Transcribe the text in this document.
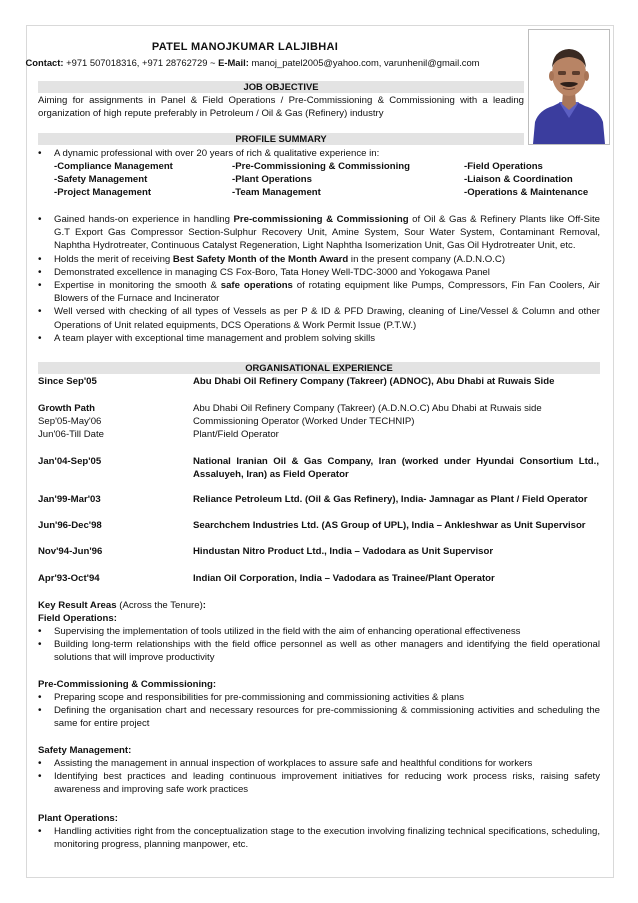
PATEL MANOJKUMAR LALJIBHAI
Contact: +971 507018316, +971 28762729 ~ E-Mail: manoj_patel2005@yahoo.com, varunhenil@gmail.com
JOB OBJECTIVE
Aiming for assignments in Panel & Field Operations / Pre-Commissioning & Commissioning with a leading organization of high repute preferably in Petroleum / Oil & Gas (Refinery) industry
PROFILE SUMMARY
• A dynamic professional with over 20 years of rich & qualitative experience in:
-Compliance Management	-Pre-Commissioning & Commissioning	-Field Operations
-Safety Management	-Plant Operations	-Liaison & Coordination
-Project Management	-Team Management	-Operations & Maintenance
• Gained hands-on experience in handling Pre-commissioning & Commissioning of Oil & Gas & Refinery Plants like Off-Site G.T Export Gas Compressor Section-Sulphur Recovery Unit, Amine System, Sour Water System, Contaminant Removal, Naphtha Hydrotreater, Continuous Catalyst Regeneration, Light Naphtha Isomerization Unit, Gas Oil Hydrotreater Unit, etc.
• Holds the merit of receiving Best Safety Month of the Month Award in the present company (A.D.N.O.C)
• Demonstrated excellence in managing CS Fox-Boro, Tata Honey Well-TDC-3000 and Yokogawa Panel
• Expertise in monitoring the smooth & safe operations of rotating equipment like Pumps, Compressors, Fin Fan Coolers, Air Blowers of the Furnace and Incinerator
• Well versed with checking of all types of Vessels as per P & ID & PFD Drawing, cleaning of Line/Vessel & Column and other Operations of Unit related equipments, DCS Operations & Work Permit Issue (P.T.W.)
• A team player with exceptional time management and problem solving skills
ORGANISATIONAL EXPERIENCE
Since Sep'05	Abu Dhabi Oil Refinery Company (Takreer) (ADNOC), Abu Dhabi at Ruwais Side
Growth Path	Abu Dhabi Oil Refinery Company (Takreer) (A.D.N.O.C) Abu Dhabi at Ruwais side
Sep'05-May'06	Commissioning Operator (Worked Under TECHNIP)
Jun'06-Till Date	Plant/Field Operator
Jan'04-Sep'05	National Iranian Oil & Gas Company, Iran (worked under Hyundai Consortium Ltd., Assaluyeh, Iran) as Field Operator
Jan'99-Mar'03	Reliance Petroleum Ltd. (Oil & Gas Refinery), India- Jamnagar as Plant / Field Operator
Jun'96-Dec'98	Searchchem Industries Ltd. (AS Group of UPL), India – Ankleshwar as Unit Supervisor
Nov'94-Jun'96	Hindustan Nitro Product Ltd., India – Vadodara as Unit Supervisor
Apr'93-Oct'94	Indian Oil Corporation, India – Vadodara as Trainee/Plant Operator
Key Result Areas (Across the Tenure):
Field Operations:
• Supervising the implementation of tools utilized in the field with the aim of enhancing operational effectiveness
• Building long-term relationships with the field office personnel as well as other managers and identifying the field operational solutions that will improve productivity
Pre-Commissioning & Commissioning:
• Preparing scope and responsibilities for pre-commissioning and commissioning activities & plans
• Defining the organisation chart and necessary resources for pre-commissioning & commissioning activities and scheduling the same for entire project
Safety Management:
• Assisting the management in annual inspection of workplaces to assure safe and healthful conditions for workers
• Identifying best practices and leading continuous improvement initiatives for reducing work process risks, raising safety awareness and improving safe work practices
Plant Operations:
• Handling activities right from the conceptualization stage to the execution involving finalizing technical specifications, scheduling, monitoring progress, planning manpower, etc.
